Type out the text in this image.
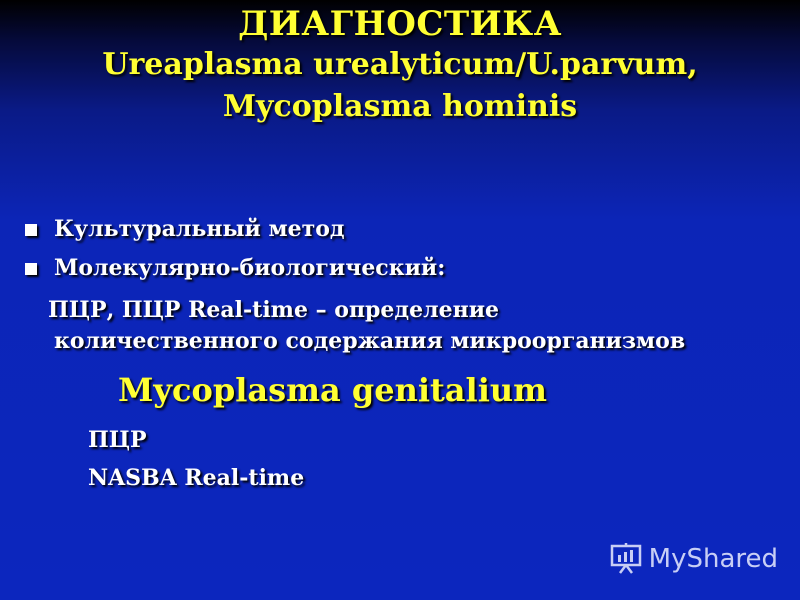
ДИАГНОСТИКА
Ureaplasma urealyticum/U.parvum,
Mycoplasma hominis
Культуральный метод
Молекулярно-биологический:
ПЦР, ПЦР Real-time – определение
количественного содержания микроорганизмов
Mycoplasma genitalium
ПЦР
NASBA Real-time
MyShared
